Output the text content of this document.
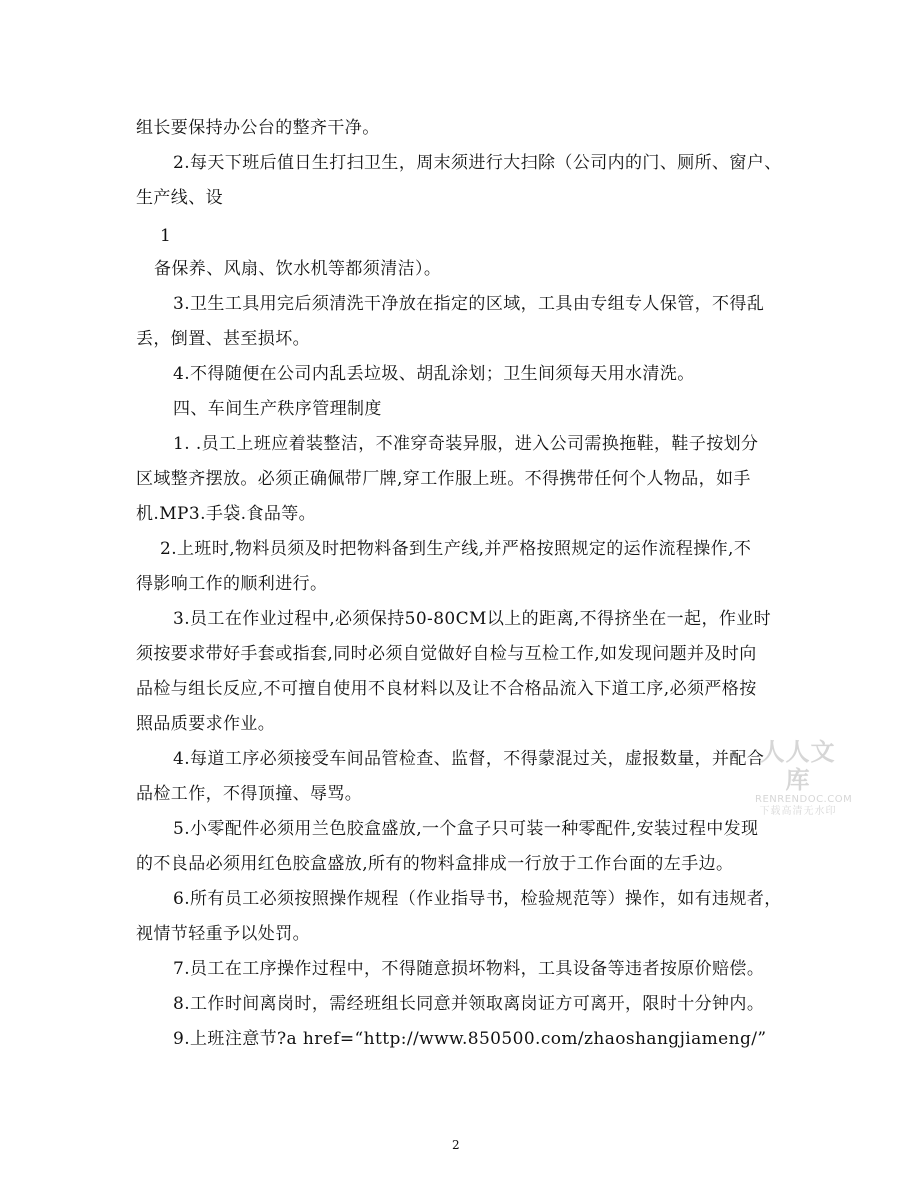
组长要保持办公台的整齐干净。
2.每天下班后值日生打扫卫生，周末须进行大扫除（公司内的门、厕所、窗户、
生产线、设
1
备保养、风扇、饮水机等都须清洁）。
3.卫生工具用完后须清洗干净放在指定的区域，工具由专组专人保管，不得乱
丢，倒置、甚至损坏。
4.不得随便在公司内乱丢垃圾、胡乱涂划；卫生间须每天用水清洗。
四、车间生产秩序管理制度
1. .员工上班应着装整洁，不准穿奇装异服，进入公司需换拖鞋，鞋子按划分
区域整齐摆放。必须正确佩带厂牌,穿工作服上班。不得携带任何个人物品，如手
机.MP3.手袋.食品等。
2.上班时,物料员须及时把物料备到生产线,并严格按照规定的运作流程操作,不
得影响工作的顺利进行。
3.员工在作业过程中,必须保持50-80CM以上的距离,不得挤坐在一起，作业时
须按要求带好手套或指套,同时必须自觉做好自检与互检工作,如发现问题并及时向
品检与组长反应,不可擅自使用不良材料以及让不合格品流入下道工序,必须严格按
照品质要求作业。
4.每道工序必须接受车间品管检查、监督，不得蒙混过关，虚报数量，并配合
品检工作，不得顶撞、辱骂。
5.小零配件必须用兰色胶盒盛放,一个盒子只可装一种零配件,安装过程中发现
的不良品必须用红色胶盒盛放,所有的物料盒排成一行放于工作台面的左手边。
6.所有员工必须按照操作规程（作业指导书，检验规范等）操作，如有违规者，
视情节轻重予以处罚。
7.员工在工序操作过程中，不得随意损坏物料，工具设备等违者按原价赔偿。
8.工作时间离岗时，需经班组长同意并领取离岗证方可离开，限时十分钟内。
9.上班注意节?a href=“http://www.850500.com/zhaoshangjiameng/”
人人文库
RENRENDOC.COM
下载高清无水印
2
